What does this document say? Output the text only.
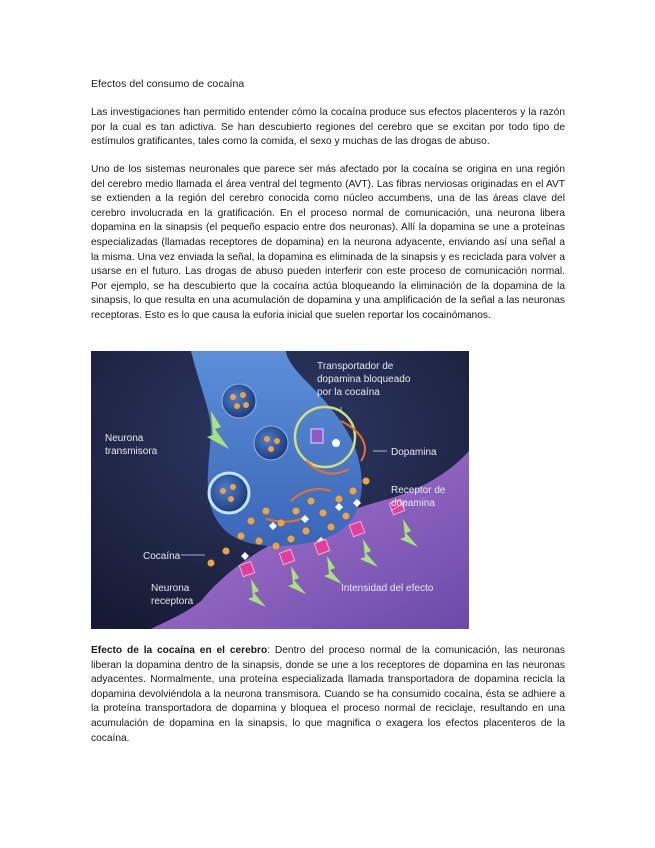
Efectos del consumo de cocaína

Las investigaciones han permitido entender cómo la cocaína produce sus efectos placenteros y la razón por la cual es tan adictiva. Se han descubierto regiones del cerebro que se excitan por todo tipo de estímulos gratificantes, tales como la comida, el sexo y muchas de las drogas de abuso.

Uno de los sistemas neuronales que parece ser más afectado por la cocaína se origina en una región del cerebro medio llamada el área ventral del tegmento (AVT). Las fibras nerviosas originadas en el AVT se extienden a la región del cerebro conocida como núcleo accumbens, una de las áreas clave del cerebro involucrada en la gratificación. En el proceso normal de comunicación, una neurona libera dopamina en la sinapsis (el pequeño espacio entre dos neuronas). Allí la dopamina se une a proteínas especializadas (llamadas receptores de dopamina) en la neurona adyacente, enviando así una señal a la misma. Una vez enviada la señal, la dopamina es eliminada de la sinapsis y es reciclada para volver a usarse en el futuro. Las drogas de abuso pueden interferir con este proceso de comunicación normal. Por ejemplo, se ha descubierto que la cocaína actúa bloqueando la eliminación de la dopamina de la sinapsis, lo que resulta en una acumulación de dopamina y una amplificación de la señal a las neuronas receptoras. Esto es lo que causa la euforia inicial que suelen reportar los cocainómanos.

Transportador de
dopamina bloqueado
por la cocaína
Neurona
transmisora	Dopamina
Receptor de
dopamina
Cocaína
Neurona
receptora
Intensidad del efecto

Efecto de la cocaína en el cerebro: Dentro del proceso normal de la comunicación, las neuronas liberan la dopamina dentro de la sinapsis, donde se une a los receptores de dopamina en las neuronas adyacentes. Normalmente, una proteína especializada llamada transportadora de dopamina recicla la dopamina devolviéndola a la neurona transmisora. Cuando se ha consumido cocaína, ésta se adhiere a la proteína transportadora de dopamina y bloquea el proceso normal de reciclaje, resultando en una acumulación de dopamina en la sinapsis, lo que magnifica o exagera los efectos placenteros de la cocaína.
